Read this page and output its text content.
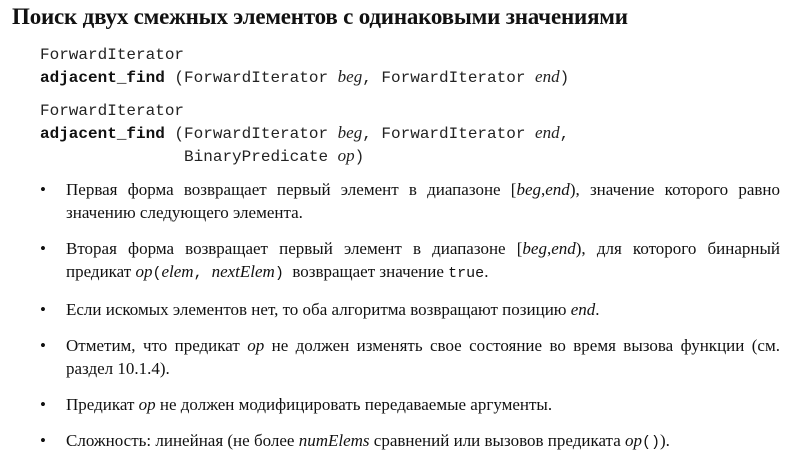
Поиск двух смежных элементов с одинаковыми значениями
ForwardIterator
adjacent_find (ForwardIterator beg, ForwardIterator end)
ForwardIterator
adjacent_find (ForwardIterator beg, ForwardIterator end,
BinaryPredicate op)
• Первая форма возвращает первый элемент в диапазоне [beg,end), значение которого равно значению следующего элемента.
• Вторая форма возвращает первый элемент в диапазоне [beg,end), для которого бинарный предикат op(elem, nextElem)  возвращает значение true.
• Если искомых элементов нет, то оба алгоритма возвращают позицию end.
• Отметим, что предикат op не должен изменять свое состояние во время вызова функции (см. раздел 10.1.4).
• Предикат op не должен модифицировать передаваемые аргументы.
• Сложность: линейная (не более numElems сравнений или вызовов предиката op()).
